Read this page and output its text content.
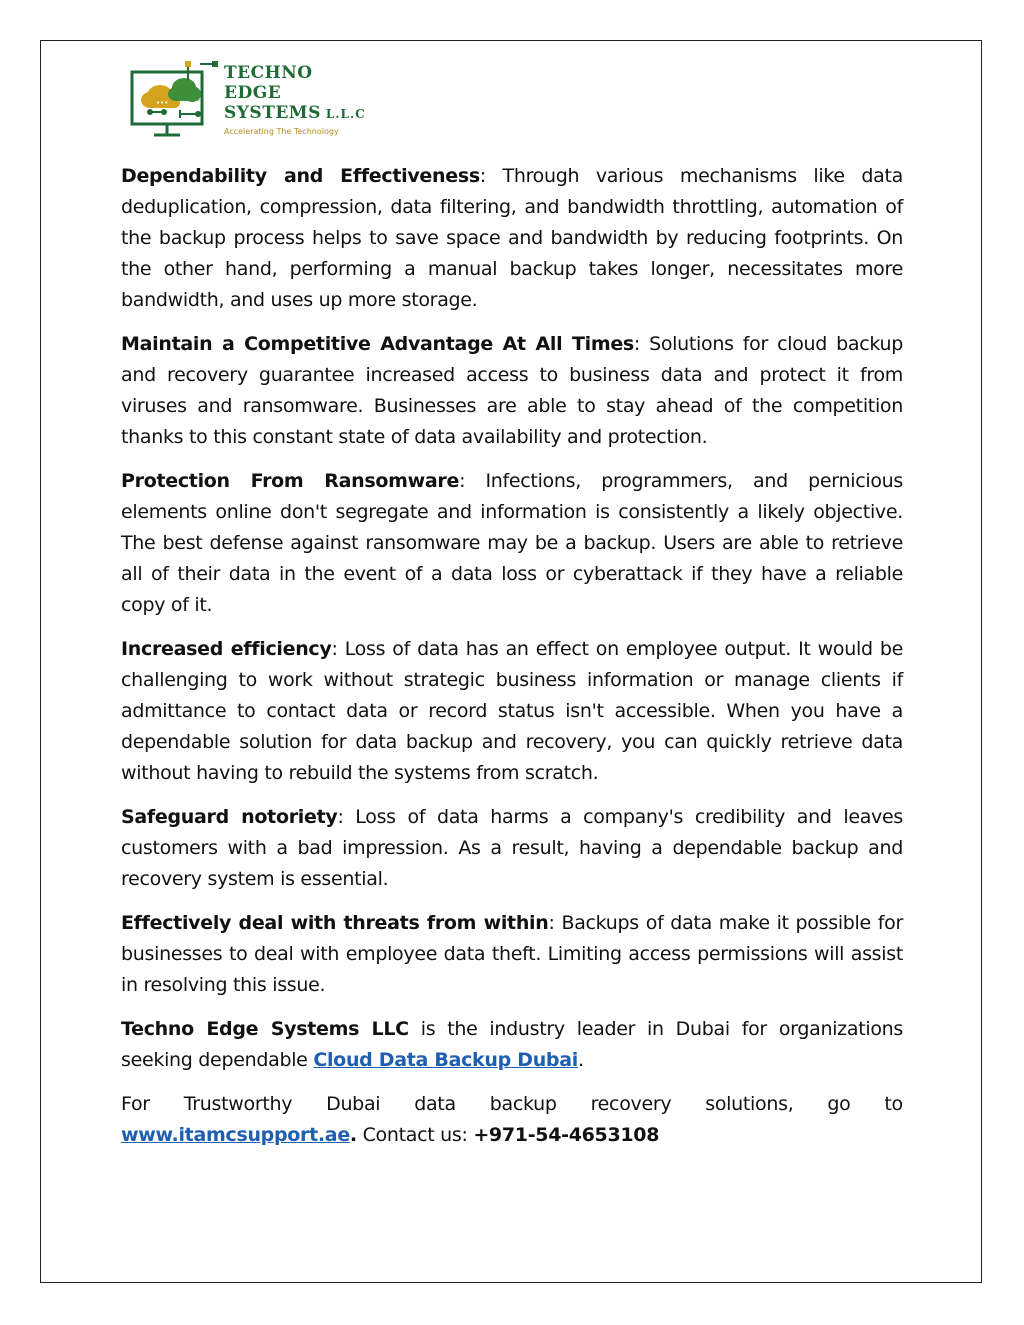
•••
TECHNO
EDGE
SYSTEMS L.L.C
Accelerating The Technology

Dependability and Effectiveness: Through various mechanisms like data deduplication, compression, data filtering, and bandwidth throttling, automation of the backup process helps to save space and bandwidth by reducing footprints. On the other hand, performing a manual backup takes longer, necessitates more bandwidth, and uses up more storage.

Maintain a Competitive Advantage At All Times: Solutions for cloud backup and recovery guarantee increased access to business data and protect it from viruses and ransomware. Businesses are able to stay ahead of the competition thanks to this constant state of data availability and protection.

Protection From Ransomware: Infections, programmers, and pernicious elements online don't segregate and information is consistently a likely objective. The best defense against ransomware may be a backup. Users are able to retrieve all of their data in the event of a data loss or cyberattack if they have a reliable copy of it.

Increased efficiency: Loss of data has an effect on employee output. It would be challenging to work without strategic business information or manage clients if admittance to contact data or record status isn't accessible. When you have a dependable solution for data backup and recovery, you can quickly retrieve data without having to rebuild the systems from scratch.

Safeguard notoriety: Loss of data harms a company's credibility and leaves customers with a bad impression. As a result, having a dependable backup and recovery system is essential.

Effectively deal with threats from within: Backups of data make it possible for businesses to deal with employee data theft. Limiting access permissions will assist in resolving this issue.

Techno Edge Systems LLC is the industry leader in Dubai for organizations seeking dependable Cloud Data Backup Dubai.

For Trustworthy Dubai data backup recovery solutions, go to
www.itamcsupport.ae. Contact us: +971-54-4653108
